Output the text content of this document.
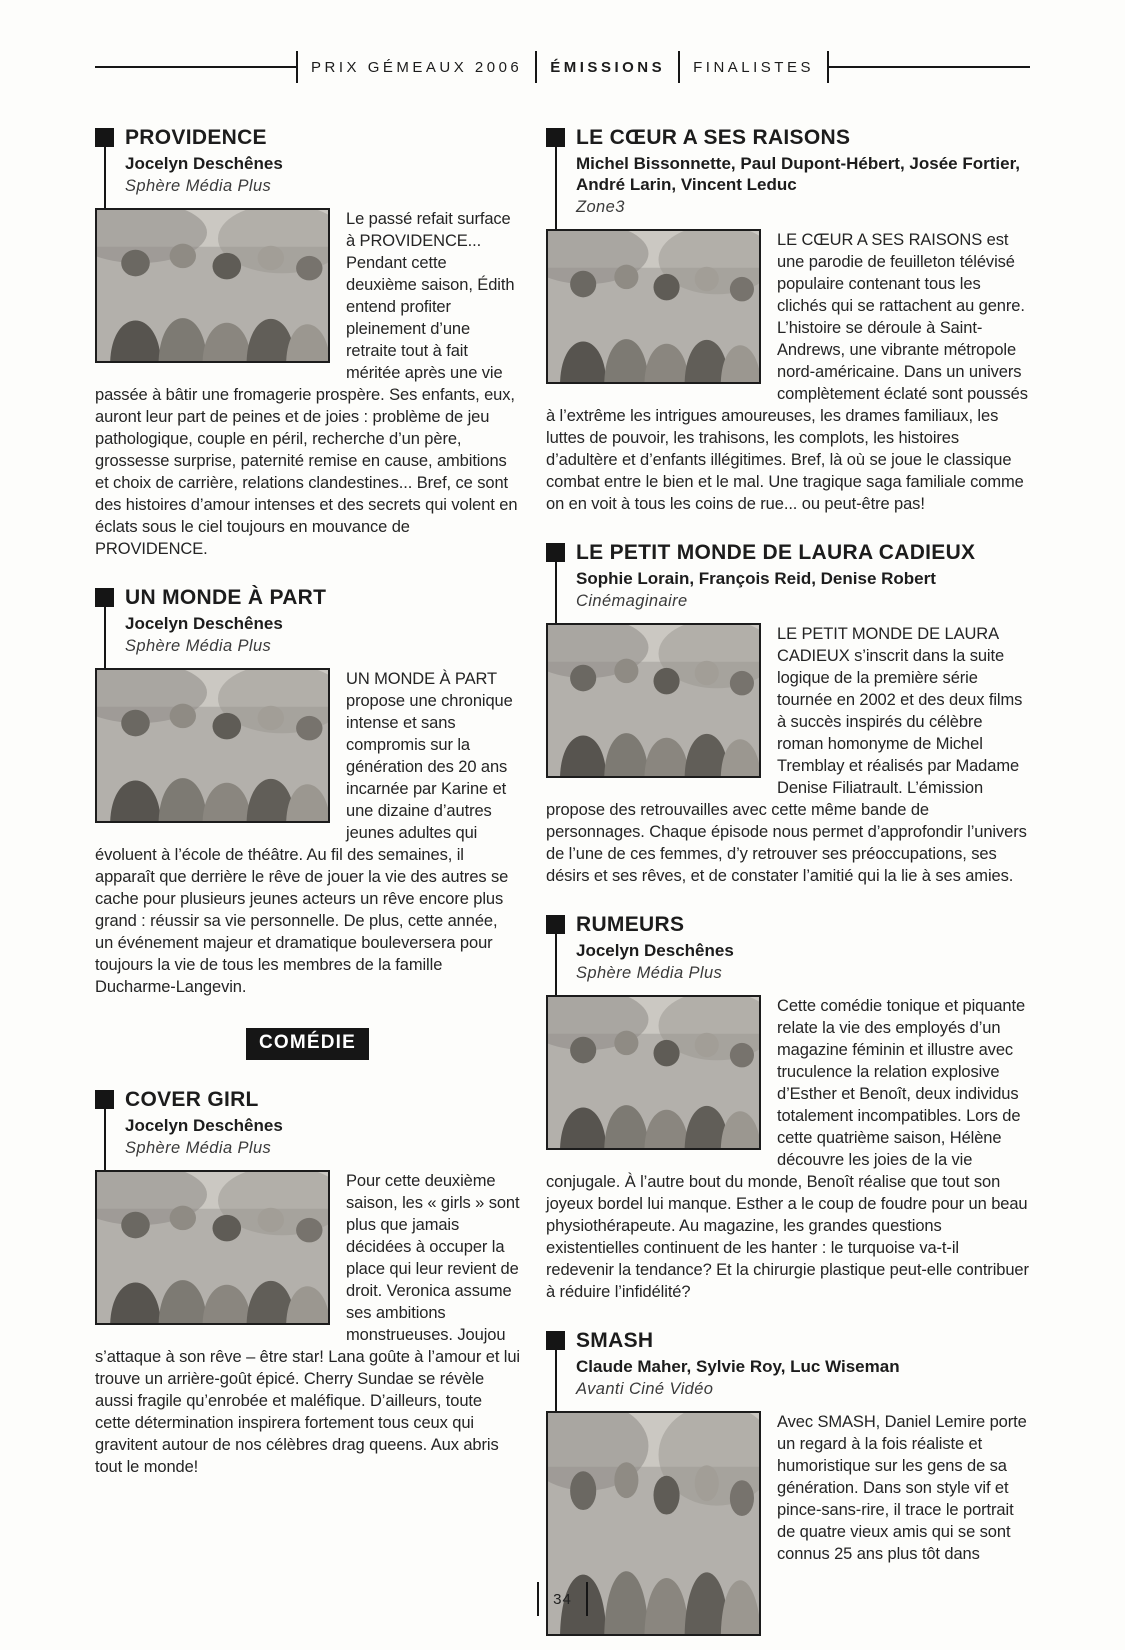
PRIX GÉMEAUX 2006	ÉMISSIONS	FINALISTES
PROVIDENCE

Jocelyn Deschênes

Sphère Média Plus

Le passé refait surface à PROVIDENCE... Pendant cette deuxième saison, Édith entend profiter pleinement d’une retraite tout à fait méritée après une vie passée à bâtir une fromagerie prospère. Ses enfants, eux, auront leur part de peines et de joies : problème de jeu pathologique, couple en péril, recherche d’un père, grossesse surprise, paternité remise en cause, ambitions et choix de carrière, relations clandestines... Bref, ce sont des histoires d’amour intenses et des secrets qui volent en éclats sous le ciel toujours en mouvance de PROVIDENCE.

UN MONDE À PART

Jocelyn Deschênes

Sphère Média Plus

UN MONDE À PART propose une chronique intense et sans compromis sur la génération des 20 ans incarnée par Karine et une dizaine d’autres jeunes adultes qui évoluent à l’école de théâtre. Au fil des semaines, il apparaît que derrière le rêve de jouer la vie des autres se cache pour plusieurs jeunes acteurs un rêve encore plus grand : réussir sa vie personnelle. De plus, cette année, un événement majeur et dramatique bouleversera pour toujours la vie de tous les membres de la famille Ducharme-Langevin.

COMÉDIE
COVER GIRL

Jocelyn Deschênes

Sphère Média Plus

Pour cette deuxième saison, les « girls » sont plus que jamais décidées à occuper la place qui leur revient de droit. Veronica assume ses ambitions monstrueuses. Joujou s’attaque à son rêve – être star! Lana goûte à l’amour et lui trouve un arrière-goût épicé. Cherry Sundae se révèle aussi fragile qu’enrobée et maléfique. D’ailleurs, toute cette détermination inspirera fortement tous ceux qui gravitent autour de nos célèbres drag queens. Aux abris tout le monde!

LE CŒUR A SES RAISONS

Michel Bissonnette, Paul Dupont-Hébert, Josée Fortier, André Larin, Vincent Leduc

Zone3

LE CŒUR A SES RAISONS est une parodie de feuilleton télévisé populaire contenant tous les clichés qui se rattachent au genre. L’histoire se déroule à Saint-Andrews, une vibrante métropole nord-américaine. Dans un univers complètement éclaté sont poussés à l’extrême les intrigues amoureuses, les drames familiaux, les luttes de pouvoir, les trahisons, les complots, les histoires d’adultère et d’enfants illégitimes. Bref, là où se joue le classique combat entre le bien et le mal. Une tragique saga familiale comme on en voit à tous les coins de rue... ou peut-être pas!

LE PETIT MONDE DE LAURA CADIEUX

Sophie Lorain, François Reid, Denise Robert

Cinémaginaire

LE PETIT MONDE DE LAURA CADIEUX s’inscrit dans la suite logique de la première série tournée en 2002 et des deux films à succès inspirés du célèbre roman homonyme de Michel Tremblay et réalisés par Madame Denise Filiatrault. L’émission propose des retrouvailles avec cette même bande de personnages. Chaque épisode nous permet d’approfondir l’univers de l’une de ces femmes, d’y retrouver ses préoccupations, ses désirs et ses rêves, et de constater l’amitié qui la lie à ses amies.

RUMEURS

Jocelyn Deschênes

Sphère Média Plus

Cette comédie tonique et piquante relate la vie des employés d’un magazine féminin et illustre avec truculence la relation explosive d’Esther et Benoît, deux individus totalement incompatibles. Lors de cette quatrième saison, Hélène découvre les joies de la vie conjugale. À l’autre bout du monde, Benoît réalise que tout son joyeux bordel lui manque. Esther a le coup de foudre pour un beau physiothérapeute. Au magazine, les grandes questions existentielles continuent de les hanter : le turquoise va-t-il redevenir la tendance? Et la chirurgie plastique peut-elle contribuer à réduire l’infidélité?

SMASH

Claude Maher, Sylvie Roy, Luc Wiseman

Avanti Ciné Vidéo

Avec SMASH, Daniel Lemire porte un regard à la fois réaliste et humoristique sur les gens de sa génération. Dans son style vif et pince-sans-rire, il trace le portrait de quatre vieux amis qui se sont connus 25 ans plus tôt dans

34
